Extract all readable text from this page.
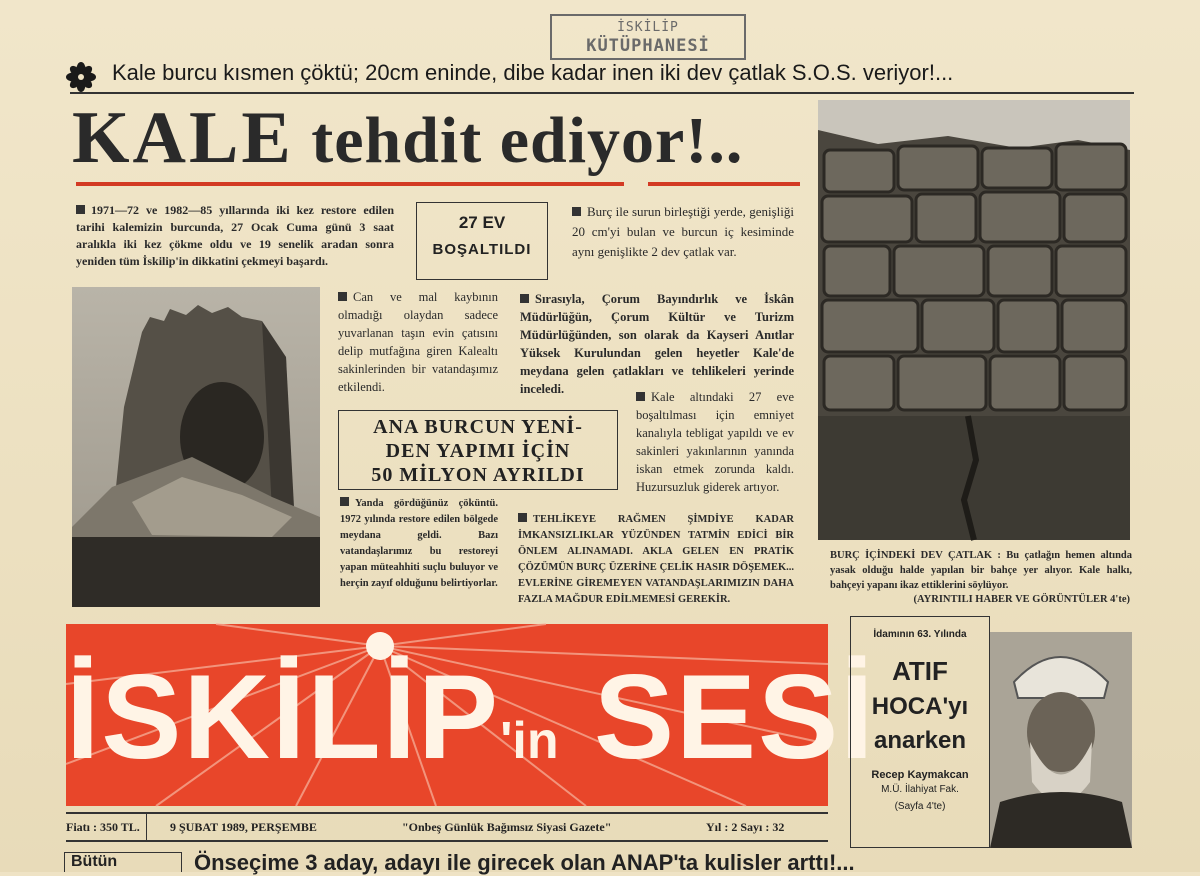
İSKİLİP
KÜTÜPHANESİ
Kale burcu kısmen çöktü; 20cm eninde, dibe kadar inen iki dev çatlak S.O.S. veriyor!...
KALE tehdit ediyor!..
1971—72 ve 1982—85 yıllarında iki kez restore edilen tarihi kalemizin burcunda, 27 Ocak Cuma günü 3 saat aralıkla iki kez çökme oldu ve 19 senelik aradan sonra yeniden tüm İskilip'in dikkatini çekmeyi başardı.
27 EV
BOŞALTILDI
Burç ile surun birleştiği yerde, genişliği 20 cm'yi bulan ve burcun iç kesiminde aynı genişlikte 2 dev çatlak var.
Can ve mal kaybının olmadığı olaydan sadece yuvarlanan taşın evin çatısını delip mutfağına giren Kalealtı sakinlerinden bir vatandaşımız etkilendi.
Sırasıyla, Çorum Bayındırlık ve İskân Müdürlüğün, Çorum Kültür ve Turizm Müdürlüğünden, son olarak da Kayseri Anıtlar Yüksek Kurulundan gelen heyetler Kale'de meydana gelen çatlakları ve tehlikeleri yerinde inceledi.
ANA BURCUN YENİ-
DEN YAPIMI İÇİN
50 MİLYON AYRILDI
Kale altındaki 27 eve boşaltılması için emniyet kanalıyla tebligat yapıldı ve ev sakinleri yakınlarının yanında iskan etmek zorunda kaldı. Huzursuzluk giderek artıyor.
Yanda gördüğünüz çöküntü. 1972 yılında restore edilen bölgede meydana geldi. Bazı vatandaşlarımız bu restoreyi yapan müteahhiti suçlu buluyor ve herçin zayıf olduğunu belirtiyorlar.
TEHLİKEYE RAĞMEN ŞİMDİYE KADAR İMKANSIZLIKLAR YÜZÜNDEN TATMİN EDİCİ BİR ÖNLEM ALINAMADI. AKLA GELEN EN PRATİK ÇÖZÜMÜN BURÇ ÜZERİNE ÇELİK HASIR DÖŞEMEK... EVLERİNE GİREMEYEN VATANDAŞLARIMIZIN DAHA FAZLA MAĞDUR EDİLMEMESİ GEREKİR.
BURÇ İÇİNDEKİ DEV ÇATLAK : Bu çatlağın hemen altında yasak olduğu halde yapılan bir bahçe yer alıyor. Kale halkı, bahçeyi yapanı ikaz ettiklerini söylüyor.
(AYRINTILI HABER VE GÖRÜNTÜLER 4'te)
İSKİLİP'in SESİ
Fiatı : 350 TL.	9 ŞUBAT 1989, PERŞEMBE	"Onbeş Günlük Bağımsız Siyasi Gazete"	Yıl : 2 Sayı : 32
İdamının 63. Yılında
ATIF
HOCA'yı
anarken
Recep Kaymakcan
M.Ü. İlahiyat Fak.
(Sayfa 4'te)
Bütün	Önseçime 3 aday, adayı ile girecek olan ANAP'ta kulisler arttı!...
